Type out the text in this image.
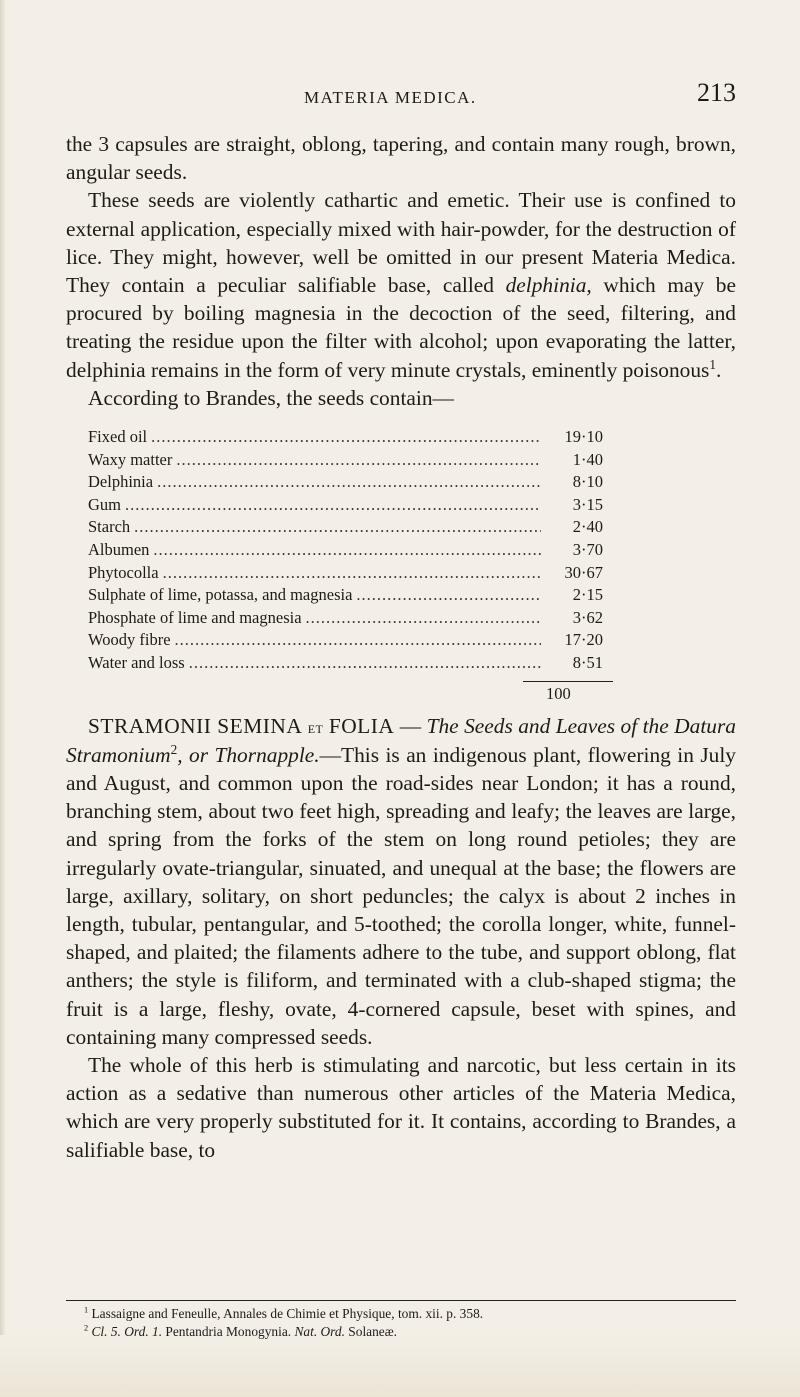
MATERIA MEDICA.	213

the 3 capsules are straight, oblong, tapering, and contain many rough, brown, angular seeds.

These seeds are violently cathartic and emetic. Their use is confined to external application, especially mixed with hair-powder, for the destruction of lice. They might, however, well be omitted in our present Materia Medica. They contain a peculiar salifiable base, called delphinia, which may be procured by boiling magnesia in the decoction of the seed, filtering, and treating the residue upon the filter with alcohol; upon evaporating the latter, delphinia remains in the form of very minute crystals, eminently poisonous$^1$.

According to Brandes, the seeds contain—

Fixed oil .....	19·10
Waxy matter .....	1·40
Delphinia .....	8·10
Gum .....	3·15
Starch .....	2·40
Albumen .....	3·70
Phytocolla .....	30·67
Sulphate of lime, potassa, and magnesia .....	2·15
Phosphate of lime and magnesia .....	3·62
Woody fibre .....	17·20
Water and loss .....	8·51
100

STRAMONII SEMINA et FOLIA — The Seeds and Leaves of the Datura Stramonium$^2$, or Thornapple.—This is an indigenous plant, flowering in July and August, and common upon the road-sides near London; it has a round, branching stem, about two feet high, spreading and leafy; the leaves are large, and spring from the forks of the stem on long round petioles; they are irregularly ovate-triangular, sinuated, and unequal at the base; the flowers are large, axillary, solitary, on short peduncles; the calyx is about 2 inches in length, tubular, pentangular, and 5-toothed; the corolla longer, white, funnel-shaped, and plaited; the filaments adhere to the tube, and support oblong, flat anthers; the style is filiform, and terminated with a club-shaped stigma; the fruit is a large, fleshy, ovate, 4-cornered capsule, beset with spines, and containing many compressed seeds.

The whole of this herb is stimulating and narcotic, but less certain in its action as a sedative than numerous other articles of the Materia Medica, which are very properly substituted for it. It contains, according to Brandes, a salifiable base, to

$^1$ Lassaigne and Feneulle, Annales de Chimie et Physique, tom. xii. p. 358.
$^2$ Cl. 5. Ord. 1. Pentandria Monogynia. Nat. Ord. Solaneæ.
